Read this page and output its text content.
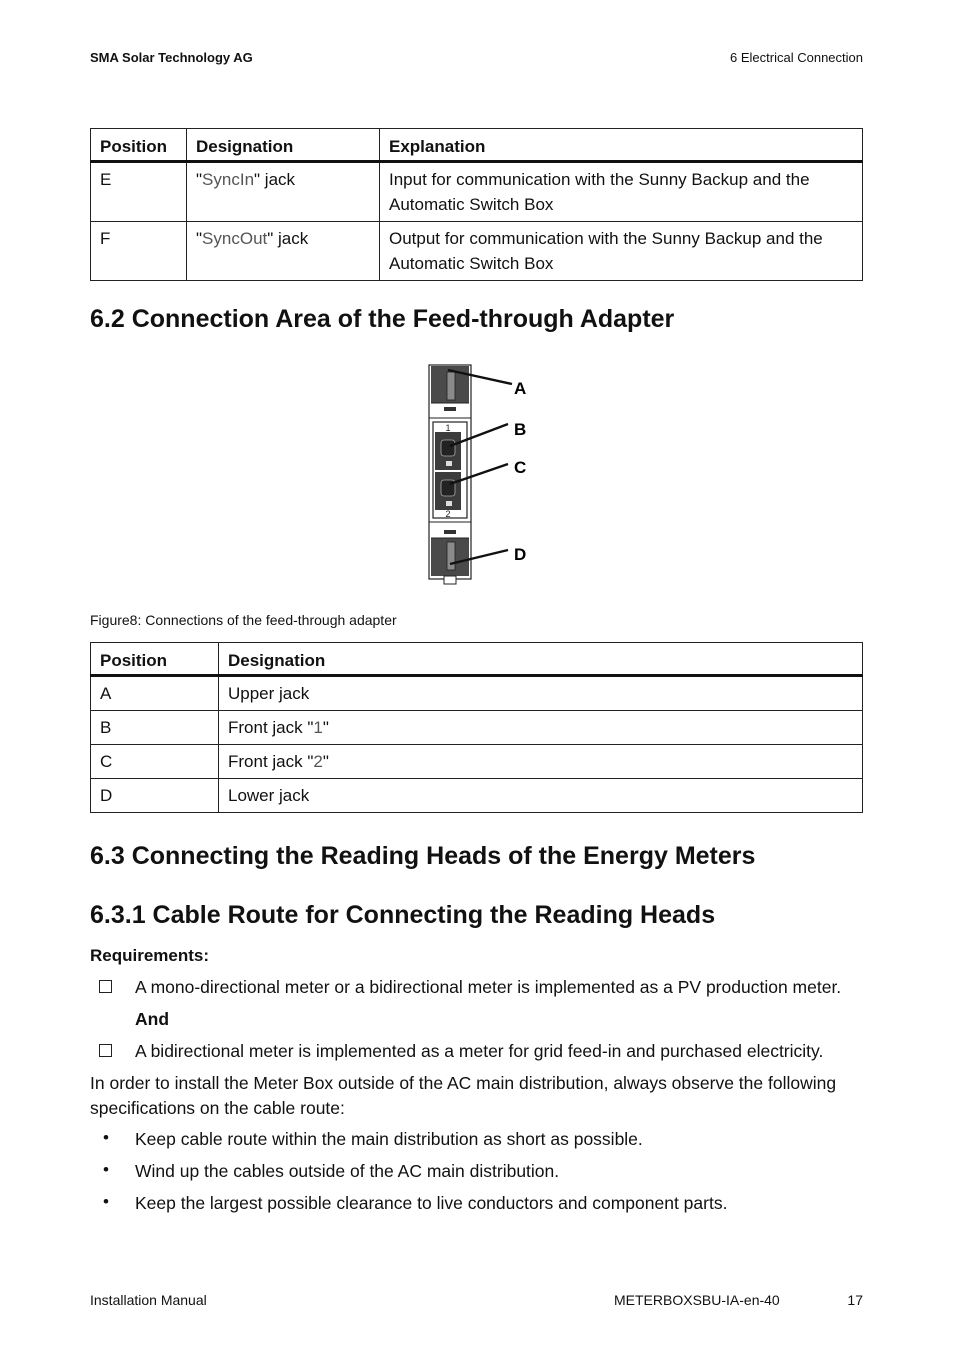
SMA Solar Technology AG	6 Electrical Connection
Position	Designation	Explanation
E	"SyncIn" jack	Input for communication with the Sunny Backup and the Automatic Switch Box
F	"SyncOut" jack	Output for communication with the Sunny Backup and the Automatic Switch Box
6.2 Connection Area of the Feed-through Adapter
1
2
A
B
C
D
Figure8: Connections of the feed-through adapter
Position	Designation
A	Upper jack
B	Front jack "1"
C	Front jack "2"
D	Lower jack
6.3 Connecting the Reading Heads of the Energy Meters
6.3.1 Cable Route for Connecting the Reading Heads
Requirements:
A mono-directional meter or a bidirectional meter is implemented as a PV production meter.
And
A bidirectional meter is implemented as a meter for grid feed-in and purchased electricity.
In order to install the Meter Box outside of the AC main distribution, always observe the following
specifications on the cable route:
• Keep cable route within the main distribution as short as possible.
• Wind up the cables outside of the AC main distribution.
• Keep the largest possible clearance to live conductors and component parts.
Installation Manual	METERBOXSBU-IA-en-40	17
